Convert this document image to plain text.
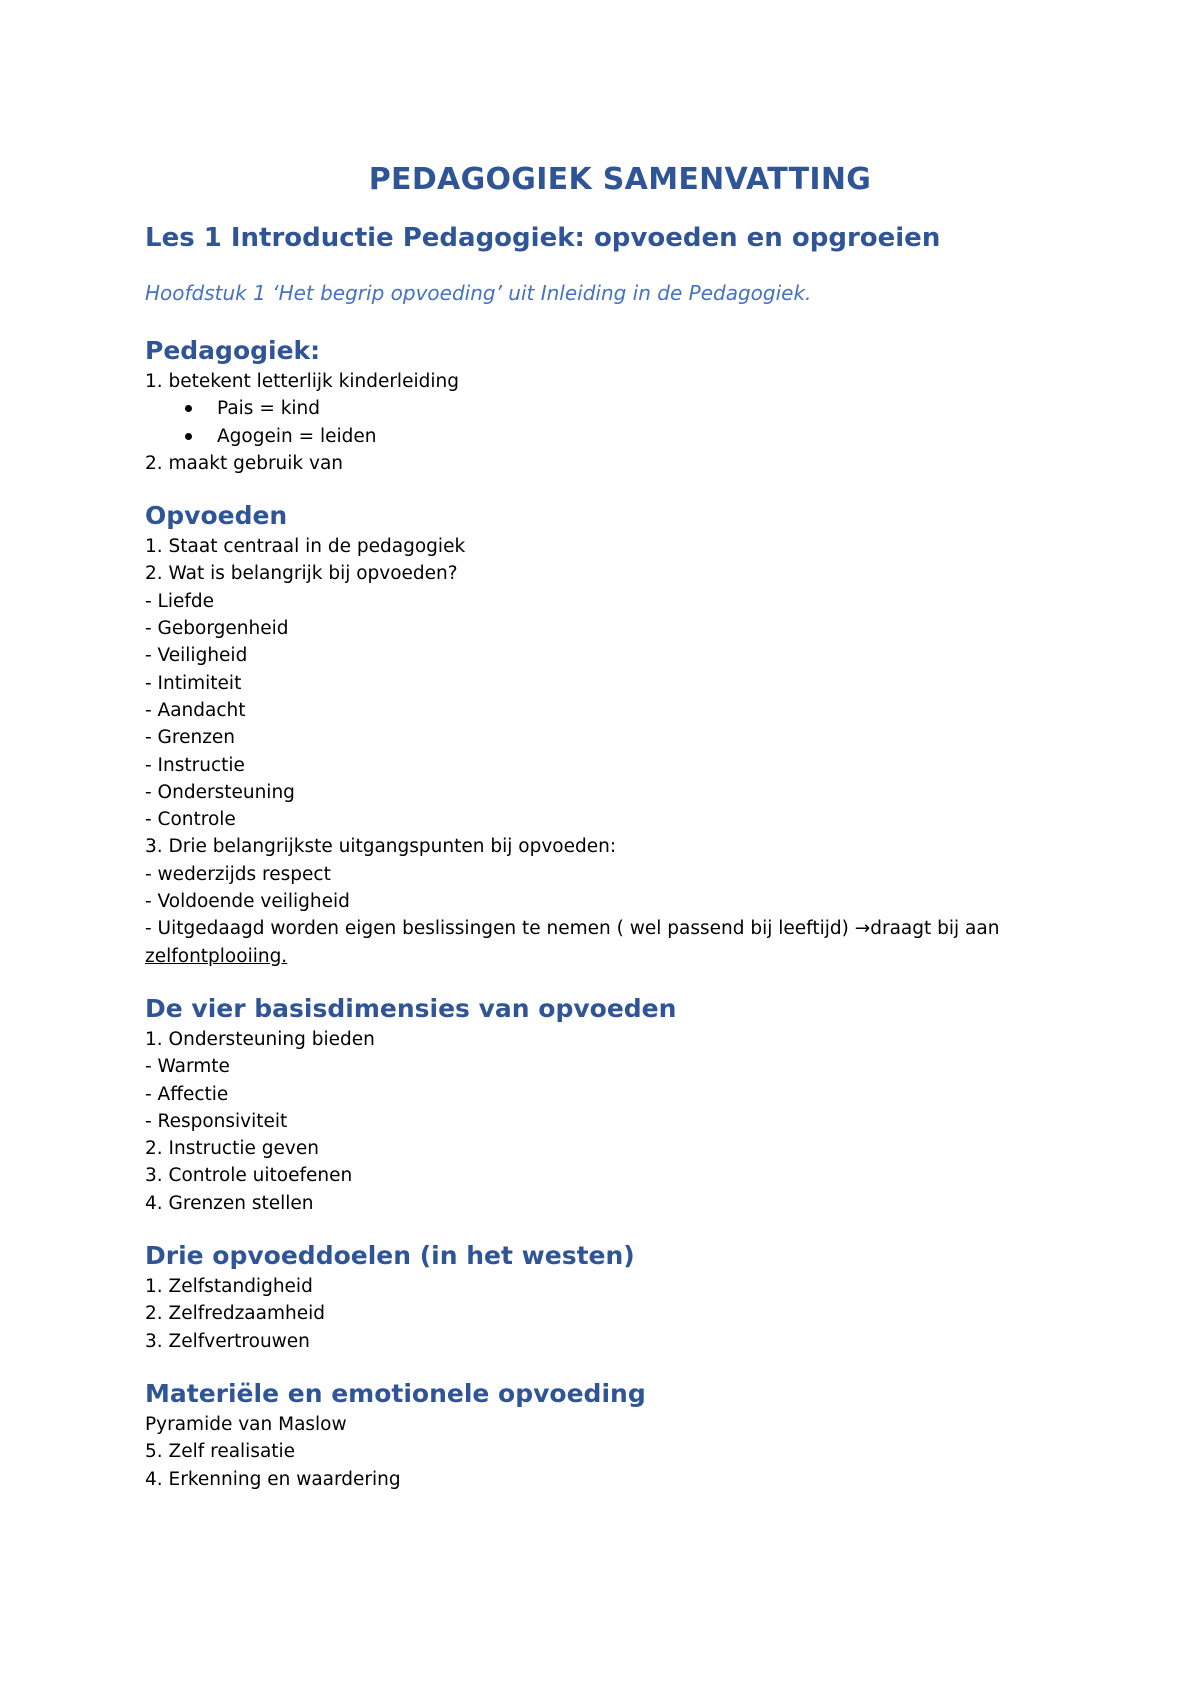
PEDAGOGIEK SAMENVATTING
Les 1 Introductie Pedagogiek: opvoeden en opgroeien

Hoofdstuk 1 ‘Het begrip opvoeding’ uit Inleiding in de Pedagogiek.

Pedagogiek:

1. betekent letterlijk kinderleiding

Pais = kind
Agogein = leiden

2. maakt gebruik van

Opvoeden

1. Staat centraal in de pedagogiek

2. Wat is belangrijk bij opvoeden?

- Liefde

- Geborgenheid

- Veiligheid

- Intimiteit

- Aandacht

- Grenzen

- Instructie

- Ondersteuning

- Controle

3. Drie belangrijkste uitgangspunten bij opvoeden:

- wederzijds respect

- Voldoende veiligheid

- Uitgedaagd worden eigen beslissingen te nemen ( wel passend bij leeftijd) →draagt bij aan

zelfontplooiing.

De vier basisdimensies van opvoeden

1. Ondersteuning bieden

- Warmte

- Affectie

- Responsiviteit

2. Instructie geven

3. Controle uitoefenen

4. Grenzen stellen

Drie opvoeddoelen (in het westen)

1. Zelfstandigheid

2. Zelfredzaamheid

3. Zelfvertrouwen

Materiële en emotionele opvoeding

Pyramide van Maslow

5. Zelf realisatie

4. Erkenning en waardering
